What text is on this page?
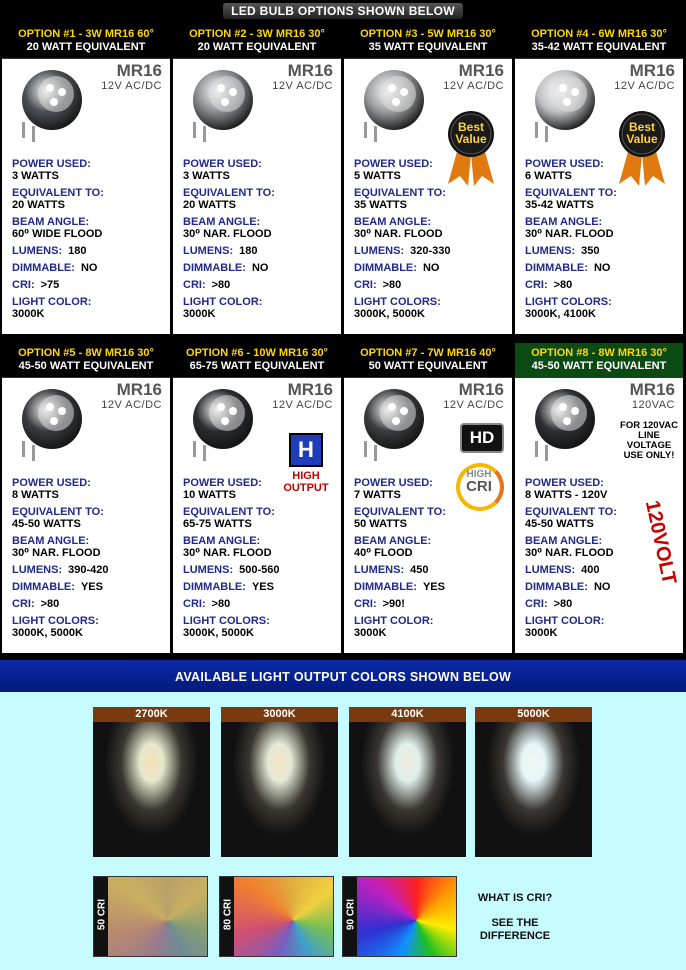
LED BULB OPTIONS SHOWN BELOW
OPTION #1 - 3W MR16 60°
20 WATT EQUIVALENT
MR16
12V AC/DC
POWER USED:
3 WATTS
EQUIVALENT TO:
20 WATTS
BEAM ANGLE:
60⁰ WIDE FLOOD
LUMENS: 180
DIMMABLE: NO
CRI: >75
LIGHT COLOR:
3000K
OPTION #2 - 3W MR16 30°
20 WATT EQUIVALENT
MR16
12V AC/DC
POWER USED:
3 WATTS
EQUIVALENT TO:
20 WATTS
BEAM ANGLE:
30⁰ NAR. FLOOD
LUMENS: 180
DIMMABLE: NO
CRI: >80
LIGHT COLOR:
3000K
OPTION #3 - 5W MR16 30°
35 WATT EQUIVALENT
MR16
12V AC/DC
POWER USED:
5 WATTS
EQUIVALENT TO:
35 WATTS
BEAM ANGLE:
30⁰ NAR. FLOOD
LUMENS: 320-330
DIMMABLE: NO
CRI: >80
LIGHT COLORS:
3000K, 5000K
Best Value
OPTION #4 - 6W MR16 30°
35-42 WATT EQUIVALENT
MR16
12V AC/DC
POWER USED:
6 WATTS
EQUIVALENT TO:
35-42 WATTS
BEAM ANGLE:
30⁰ NAR. FLOOD
LUMENS: 350
DIMMABLE: NO
CRI: >80
LIGHT COLORS:
3000K, 4100K
Best Value
OPTION #5 - 8W MR16 30°
45-50 WATT EQUIVALENT
MR16
12V AC/DC
POWER USED:
8 WATTS
EQUIVALENT TO:
45-50 WATTS
BEAM ANGLE:
30⁰ NAR. FLOOD
LUMENS: 390-420
DIMMABLE: YES
CRI: >80
LIGHT COLORS:
3000K, 5000K
OPTION #6 - 10W MR16 30°
65-75 WATT EQUIVALENT
MR16
12V AC/DC
POWER USED:
10 WATTS
EQUIVALENT TO:
65-75 WATTS
BEAM ANGLE:
30⁰ NAR. FLOOD
LUMENS: 500-560
DIMMABLE: YES
CRI: >80
LIGHT COLORS:
3000K, 5000K
H
HIGH
OUTPUT
OPTION #7 - 7W MR16 40°
50 WATT EQUIVALENT
MR16
12V AC/DC
POWER USED:
7 WATTS
EQUIVALENT TO:
50 WATTS
BEAM ANGLE:
40⁰ FLOOD
LUMENS: 450
DIMMABLE: YES
CRI: >90!
LIGHT COLOR:
3000K
HD
HIGH
CRI
OPTION #8 - 8W MR16 30°
45-50 WATT EQUIVALENT
MR16
120VAC
POWER USED:
8 WATTS - 120V
EQUIVALENT TO:
45-50 WATTS
BEAM ANGLE:
30⁰ NAR. FLOOD
LUMENS: 400
DIMMABLE: NO
CRI: >80
LIGHT COLOR:
3000K
FOR 120VAC LINE VOLTAGE USE ONLY!
120VOLT
AVAILABLE LIGHT OUTPUT COLORS SHOWN BELOW
WHAT IS CRI?
SEE THE DIFFERENCE
2700K	3000K	4100K	5000K
50 CRI	80 CRI	90 CRI
